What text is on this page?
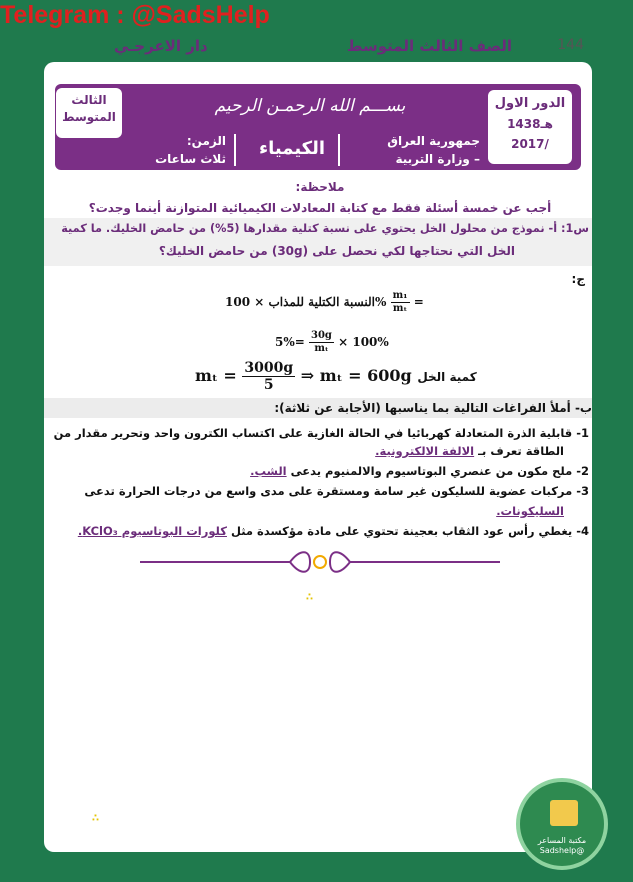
Telegram : @SadsHelp
144
الصف الثالث المتوسط
دار الاعرجـي
الثالث
المتوسط
الدور الاول
1438هـ
2017/
بســـم الله الرحمـن الرحيم
جمهورية العراق
– وزارة التربية
الكيمياء
الزمن:
ثلاث ساعات
ملاحظة:
أجب عن خمسة أسئلة فقط مع كتابة المعادلات الكيميائية المتوازنة أينما وجدت؟
س1: أ- نموذج من محلول الخل يحتوي على نسبة كتلية مقدارها (5%) من حامض الخليك. ما كمية
الخل التي نحتاجها لكي نحصل على (30g) من حامض الخليك؟
ج:
النسبة الكتلية للمذاب × $100\% \frac{\text{m₁}}{\text{mₜ}}$ =
$5\%= \frac{30g}{\text{mₜ}} \times 100\%$
$m_t = \frac{3000g}{5}$ ⇒ mₜ = 600g كمية الخل
ب- أملأ الفراغات التالية بما يناسبها (الأجابة عن ثلاثة):
1- قابلية الذرة المتعادلة كهربائيا في الحالة الغازية على اكتساب الكترون واحد وتحرير مقدار من
الطاقة تعرف بـ الالفة الالكترونية.
2- ملح مكون من عنصري البوتاسيوم والالمنيوم يدعى الشب.
3- مركبات عضوية للسليكون غير سامة ومستقرة على مدى واسع من درجات الحرارة تدعى
السليكونات.
4- يغطي رأس عود الثقاب بعجينة تحتوي على مادة مؤكسدة مثل كلورات البوتاسيوم KClO₃.
∴
∴
مكتبة المساعر
@Sadshelp
